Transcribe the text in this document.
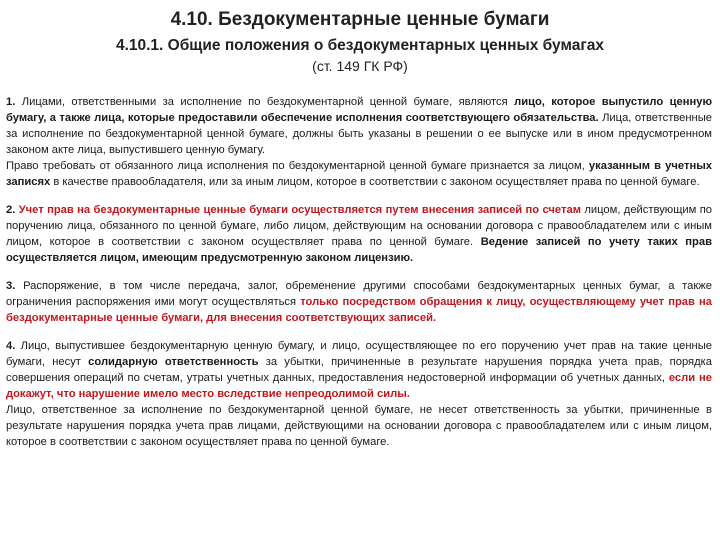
4.10. Бездокументарные ценные бумаги
4.10.1. Общие положения о бездокументарных ценных бумагах
(ст. 149 ГК РФ)

1. Лицами, ответственными за исполнение по бездокументарной ценной бумаге, являются лицо, которое выпустило ценную бумагу, а также лица, которые предоставили обеспечение исполнения соответствующего обязательства. Лица, ответственные за исполнение по бездокументарной ценной бумаге, должны быть указаны в решении о ее выпуске или в ином предусмотренном законом акте лица, выпустившего ценную бумагу.

Право требовать от обязанного лица исполнения по бездокументарной ценной бумаге признается за лицом, указанным в учетных записях в качестве правообладателя, или за иным лицом, которое в соответствии с законом осуществляет права по ценной бумаге.

2. Учет прав на бездокументарные ценные бумаги осуществляется путем внесения записей по счетам лицом, действующим по поручению лица, обязанного по ценной бумаге, либо лицом, действующим на основании договора с правообладателем или с иным лицом, которое в соответствии с законом осуществляет права по ценной бумаге. Ведение записей по учету таких прав осуществляется лицом, имеющим предусмотренную законом лицензию.

3. Распоряжение, в том числе передача, залог, обременение другими способами бездокументарных ценных бумаг, а также ограничения распоряжения ими могут осуществляться только посредством обращения к лицу, осуществляющему учет прав на бездокументарные ценные бумаги, для внесения соответствующих записей.

4. Лицо, выпустившее бездокументарную ценную бумагу, и лицо, осуществляющее по его поручению учет прав на такие ценные бумаги, несут солидарную ответственность за убытки, причиненные в результате нарушения порядка учета прав, порядка совершения операций по счетам, утраты учетных данных, предоставления недостоверной информации об учетных данных, если не докажут, что нарушение имело место вследствие непреодолимой силы.

Лицо, ответственное за исполнение по бездокументарной ценной бумаге, не несет ответственность за убытки, причиненные в результате нарушения порядка учета прав лицами, действующими на основании договора с правообладателем или с иным лицом, которое в соответствии с законом осуществляет права по ценной бумаге.
